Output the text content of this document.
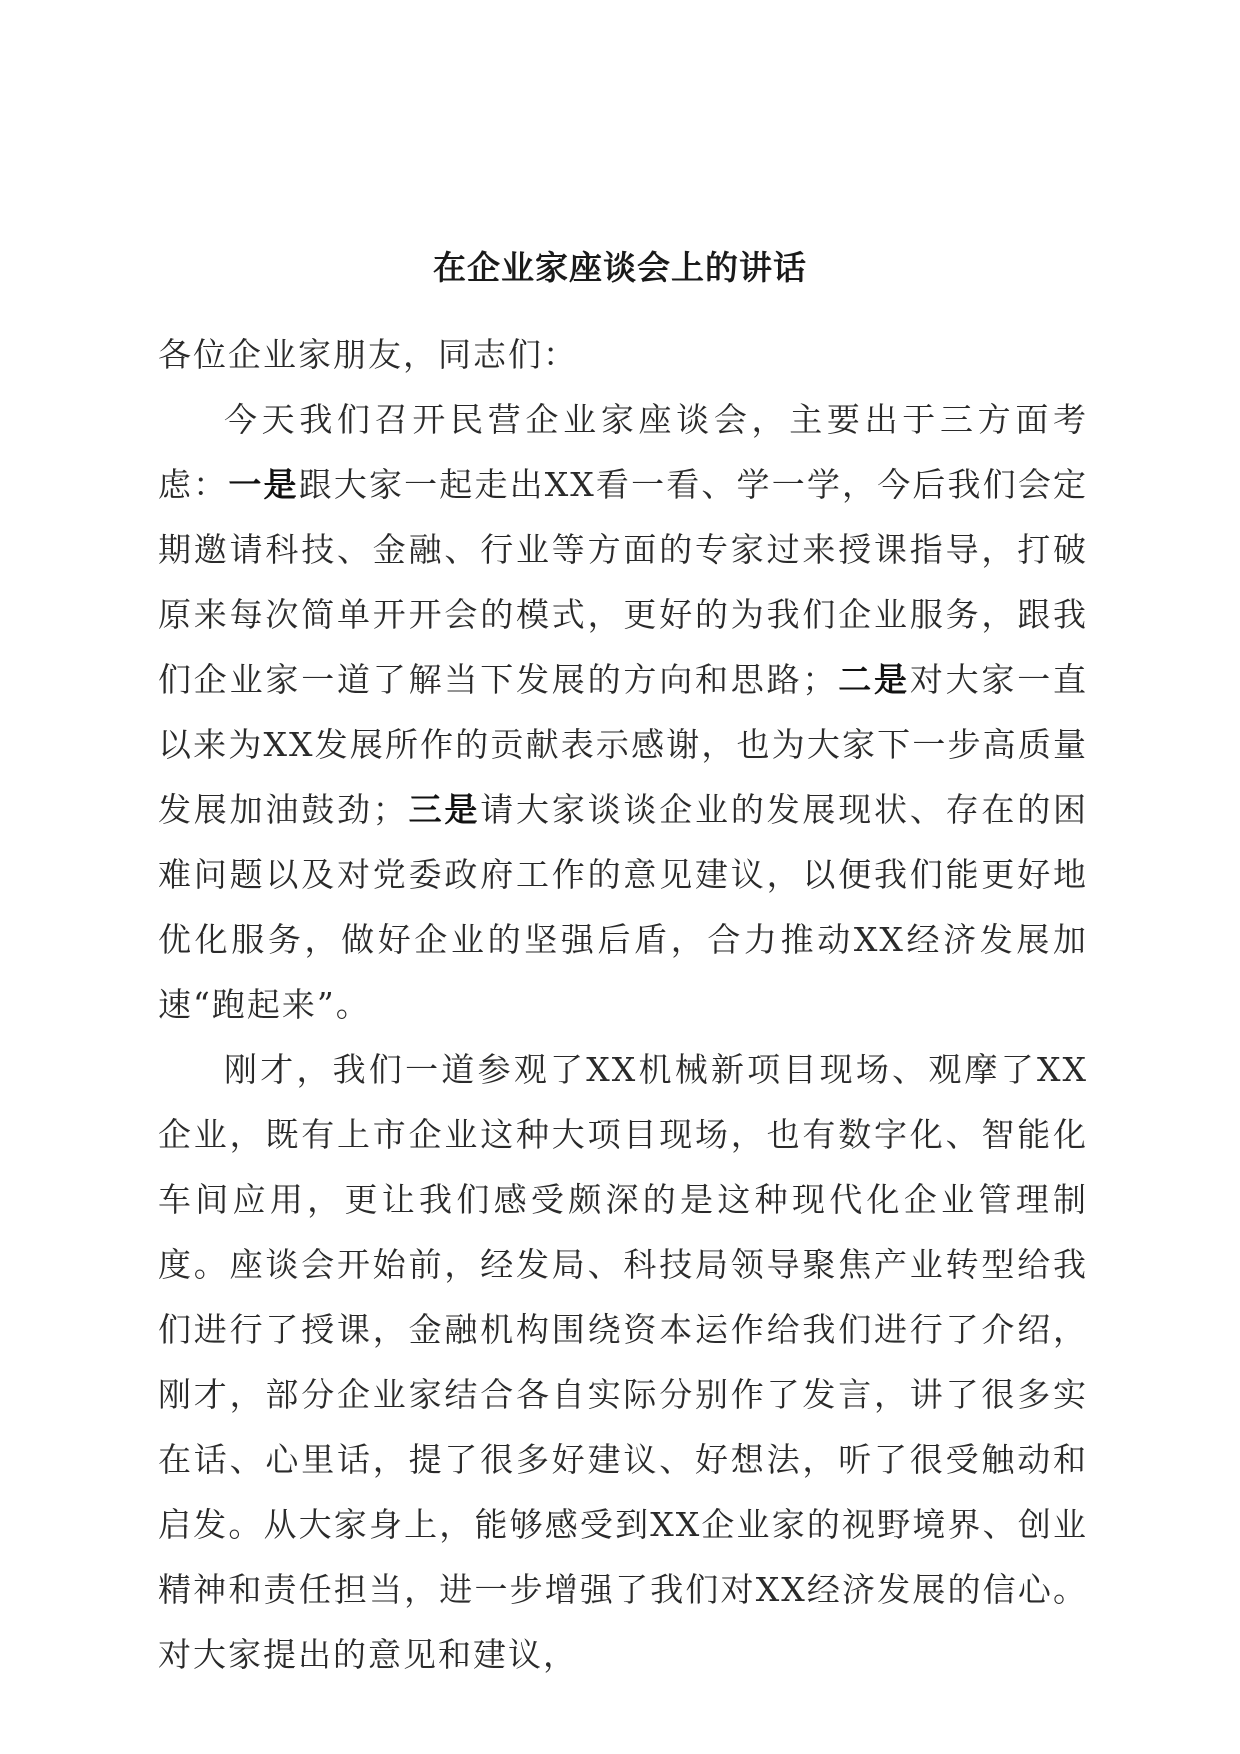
在企业家座谈会上的讲话

各位企业家朋友，同志们：

今天我们召开民营企业家座谈会，主要出于三方面考虑：一是跟大家一起走出XX看一看、学一学，今后我们会定期邀请科技、金融、行业等方面的专家过来授课指导，打破原来每次简单开开会的模式，更好的为我们企业服务，跟我们企业家一道了解当下发展的方向和思路；二是对大家一直以来为XX发展所作的贡献表示感谢，也为大家下一步高质量发展加油鼓劲；三是请大家谈谈企业的发展现状、存在的困难问题以及对党委政府工作的意见建议，以便我们能更好地优化服务，做好企业的坚强后盾，合力推动XX经济发展加速“跑起来”。

刚才，我们一道参观了XX机械新项目现场、观摩了XX企业，既有上市企业这种大项目现场，也有数字化、智能化车间应用，更让我们感受颇深的是这种现代化企业管理制度。座谈会开始前，经发局、科技局领导聚焦产业转型给我们进行了授课，金融机构围绕资本运作给我们进行了介绍，刚才，部分企业家结合各自实际分别作了发言，讲了很多实在话、心里话，提了很多好建议、好想法，听了很受触动和启发。从大家身上，能够感受到XX企业家的视野境界、创业精神和责任担当，进一步增强了我们对XX经济发展的信心。对大家提出的意见和建议，
